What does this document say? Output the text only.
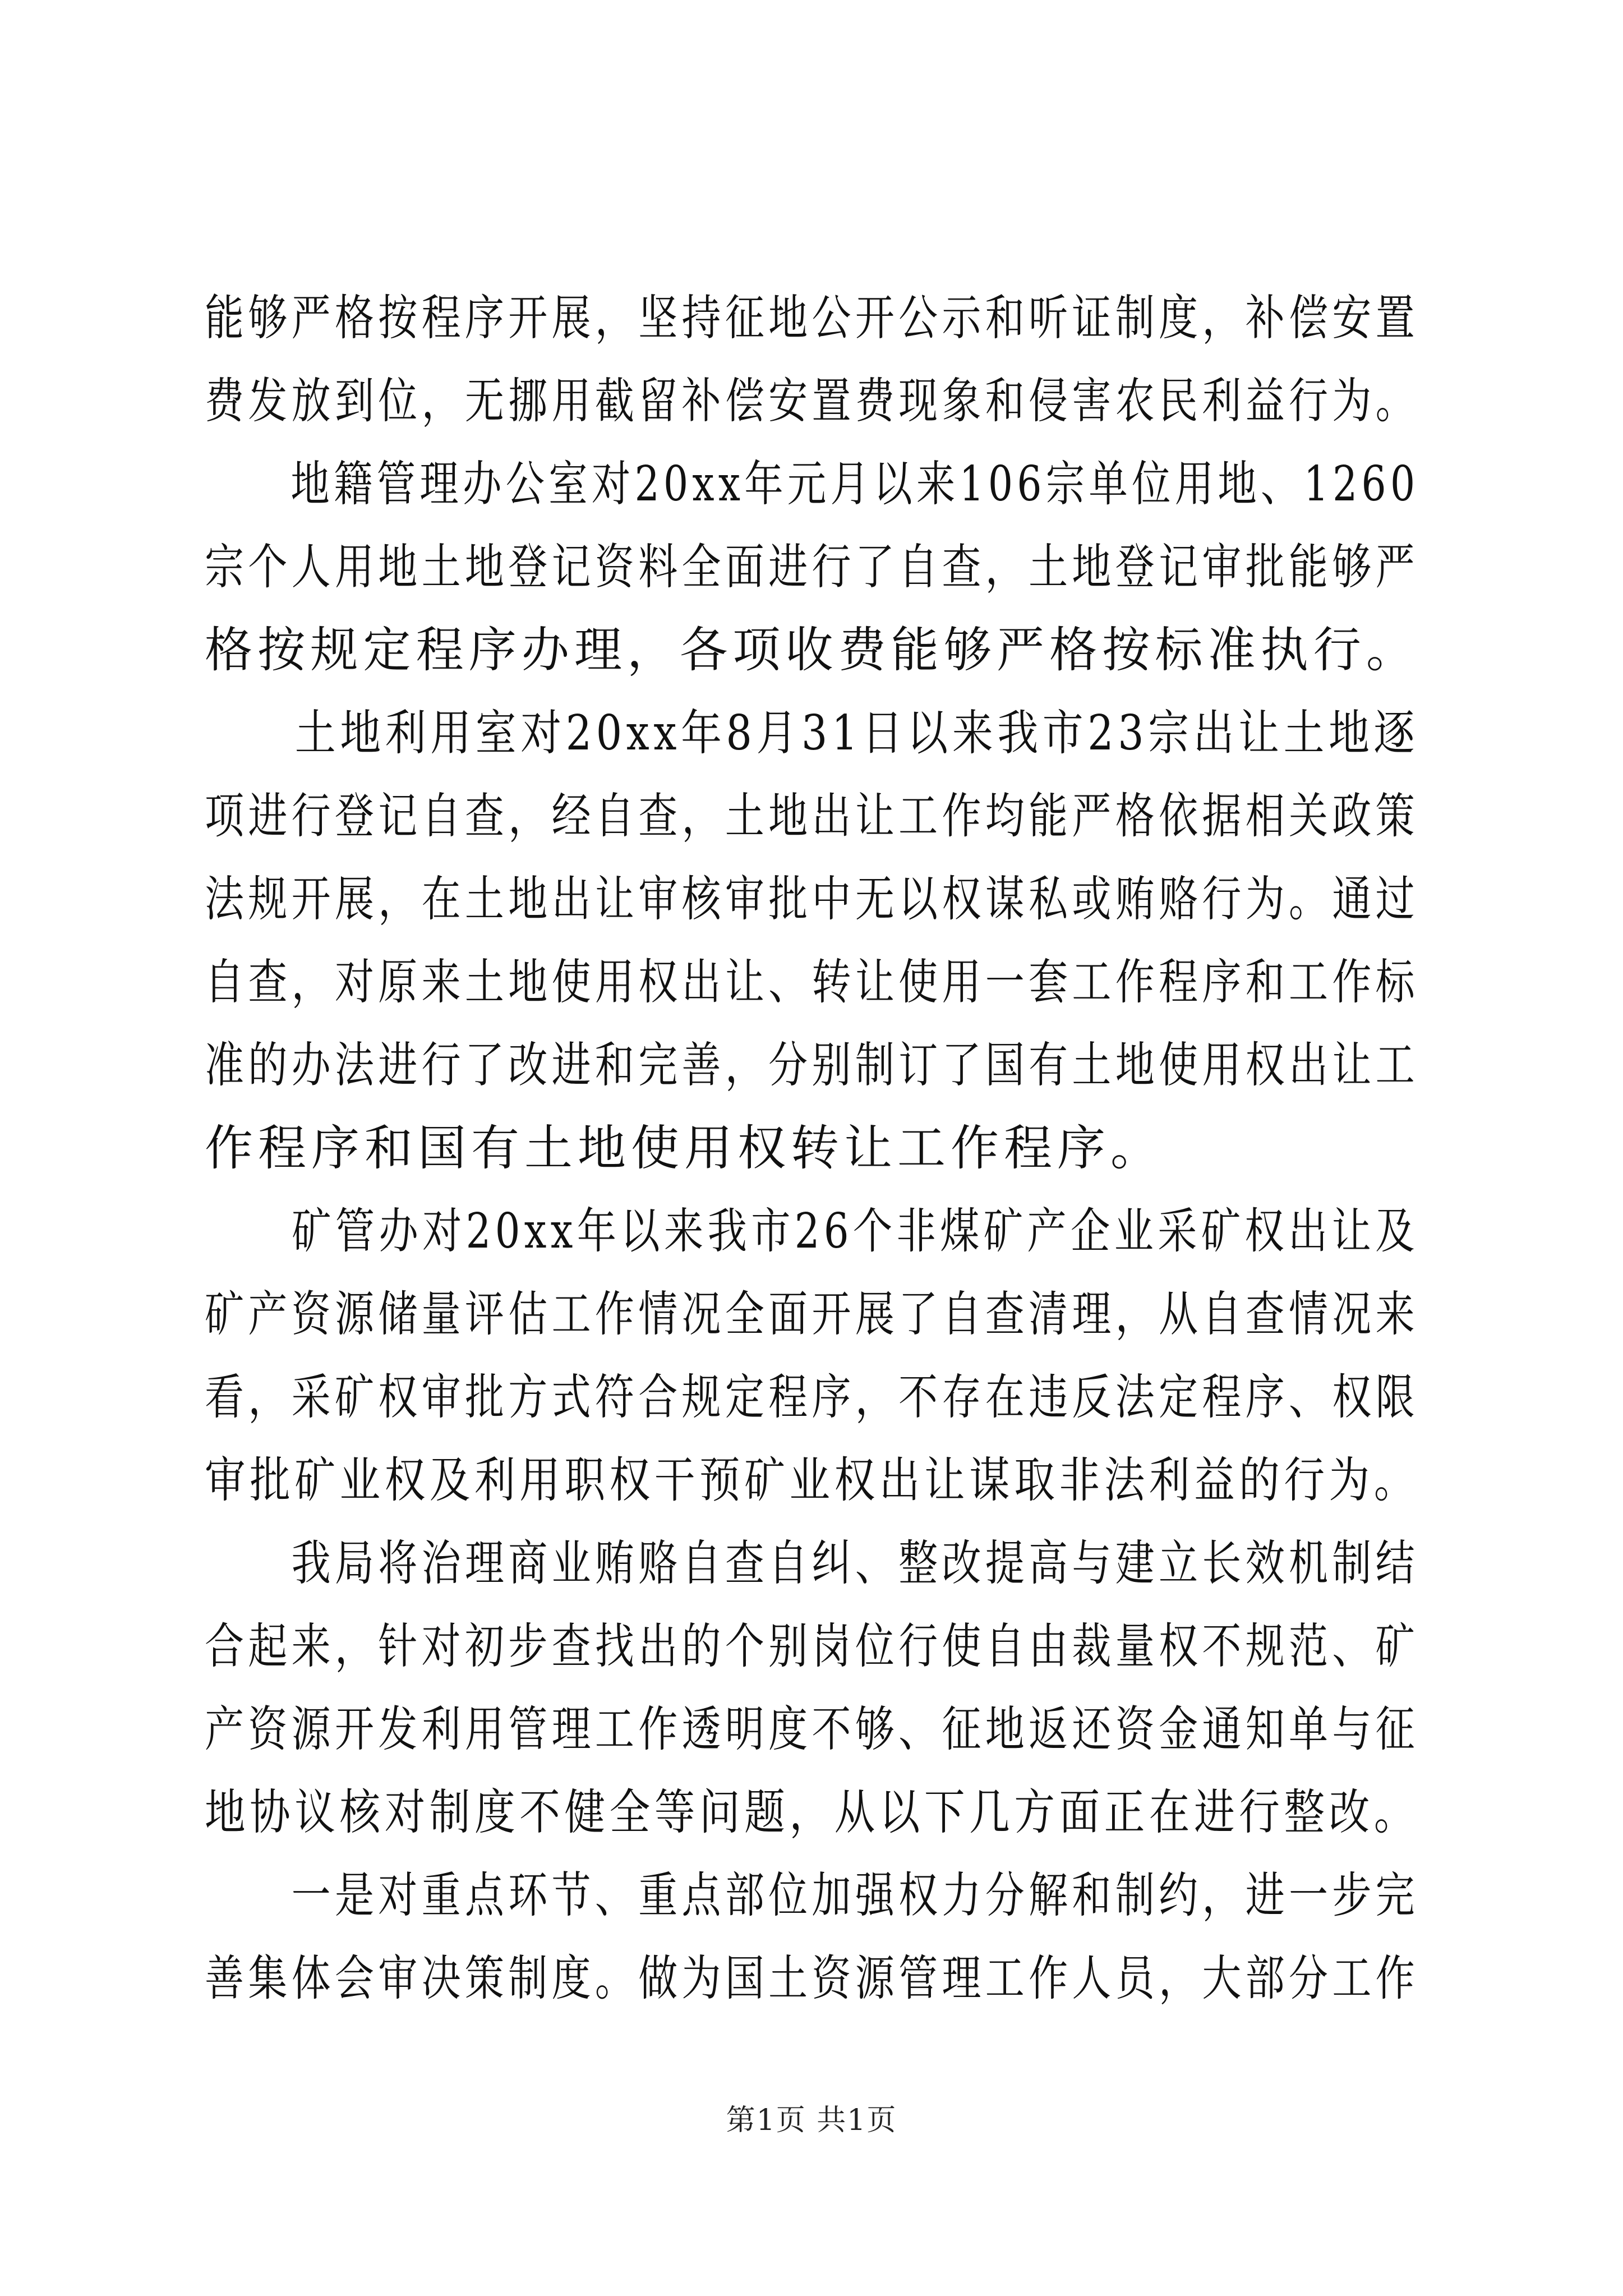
能够严格按程序开展，坚持征地公开公示和听证制度，补偿安置
费发放到位，无挪用截留补偿安置费现象和侵害农民利益行为。
　　地籍管理办公室对20xx年元月以来106宗单位用地、1260
宗个人用地土地登记资料全面进行了自查，土地登记审批能够严
格按规定程序办理，各项收费能够严格按标准执行。
　　土地利用室对20xx年8月31日以来我市23宗出让土地逐
项进行登记自查，经自查，土地出让工作均能严格依据相关政策
法规开展，在土地出让审核审批中无以权谋私或贿赂行为。通过
自查，对原来土地使用权出让、转让使用一套工作程序和工作标
准的办法进行了改进和完善，分别制订了国有土地使用权出让工
作程序和国有土地使用权转让工作程序。
　　矿管办对20xx年以来我市26个非煤矿产企业采矿权出让及
矿产资源储量评估工作情况全面开展了自查清理，从自查情况来
看，采矿权审批方式符合规定程序，不存在违反法定程序、权限
审批矿业权及利用职权干预矿业权出让谋取非法利益的行为。
　　我局将治理商业贿赂自查自纠、整改提高与建立长效机制结
合起来，针对初步查找出的个别岗位行使自由裁量权不规范、矿
产资源开发利用管理工作透明度不够、征地返还资金通知单与征
地协议核对制度不健全等问题，从以下几方面正在进行整改。
　　一是对重点环节、重点部位加强权力分解和制约，进一步完
善集体会审决策制度。做为国土资源管理工作人员，大部分工作
第1页 共1页
